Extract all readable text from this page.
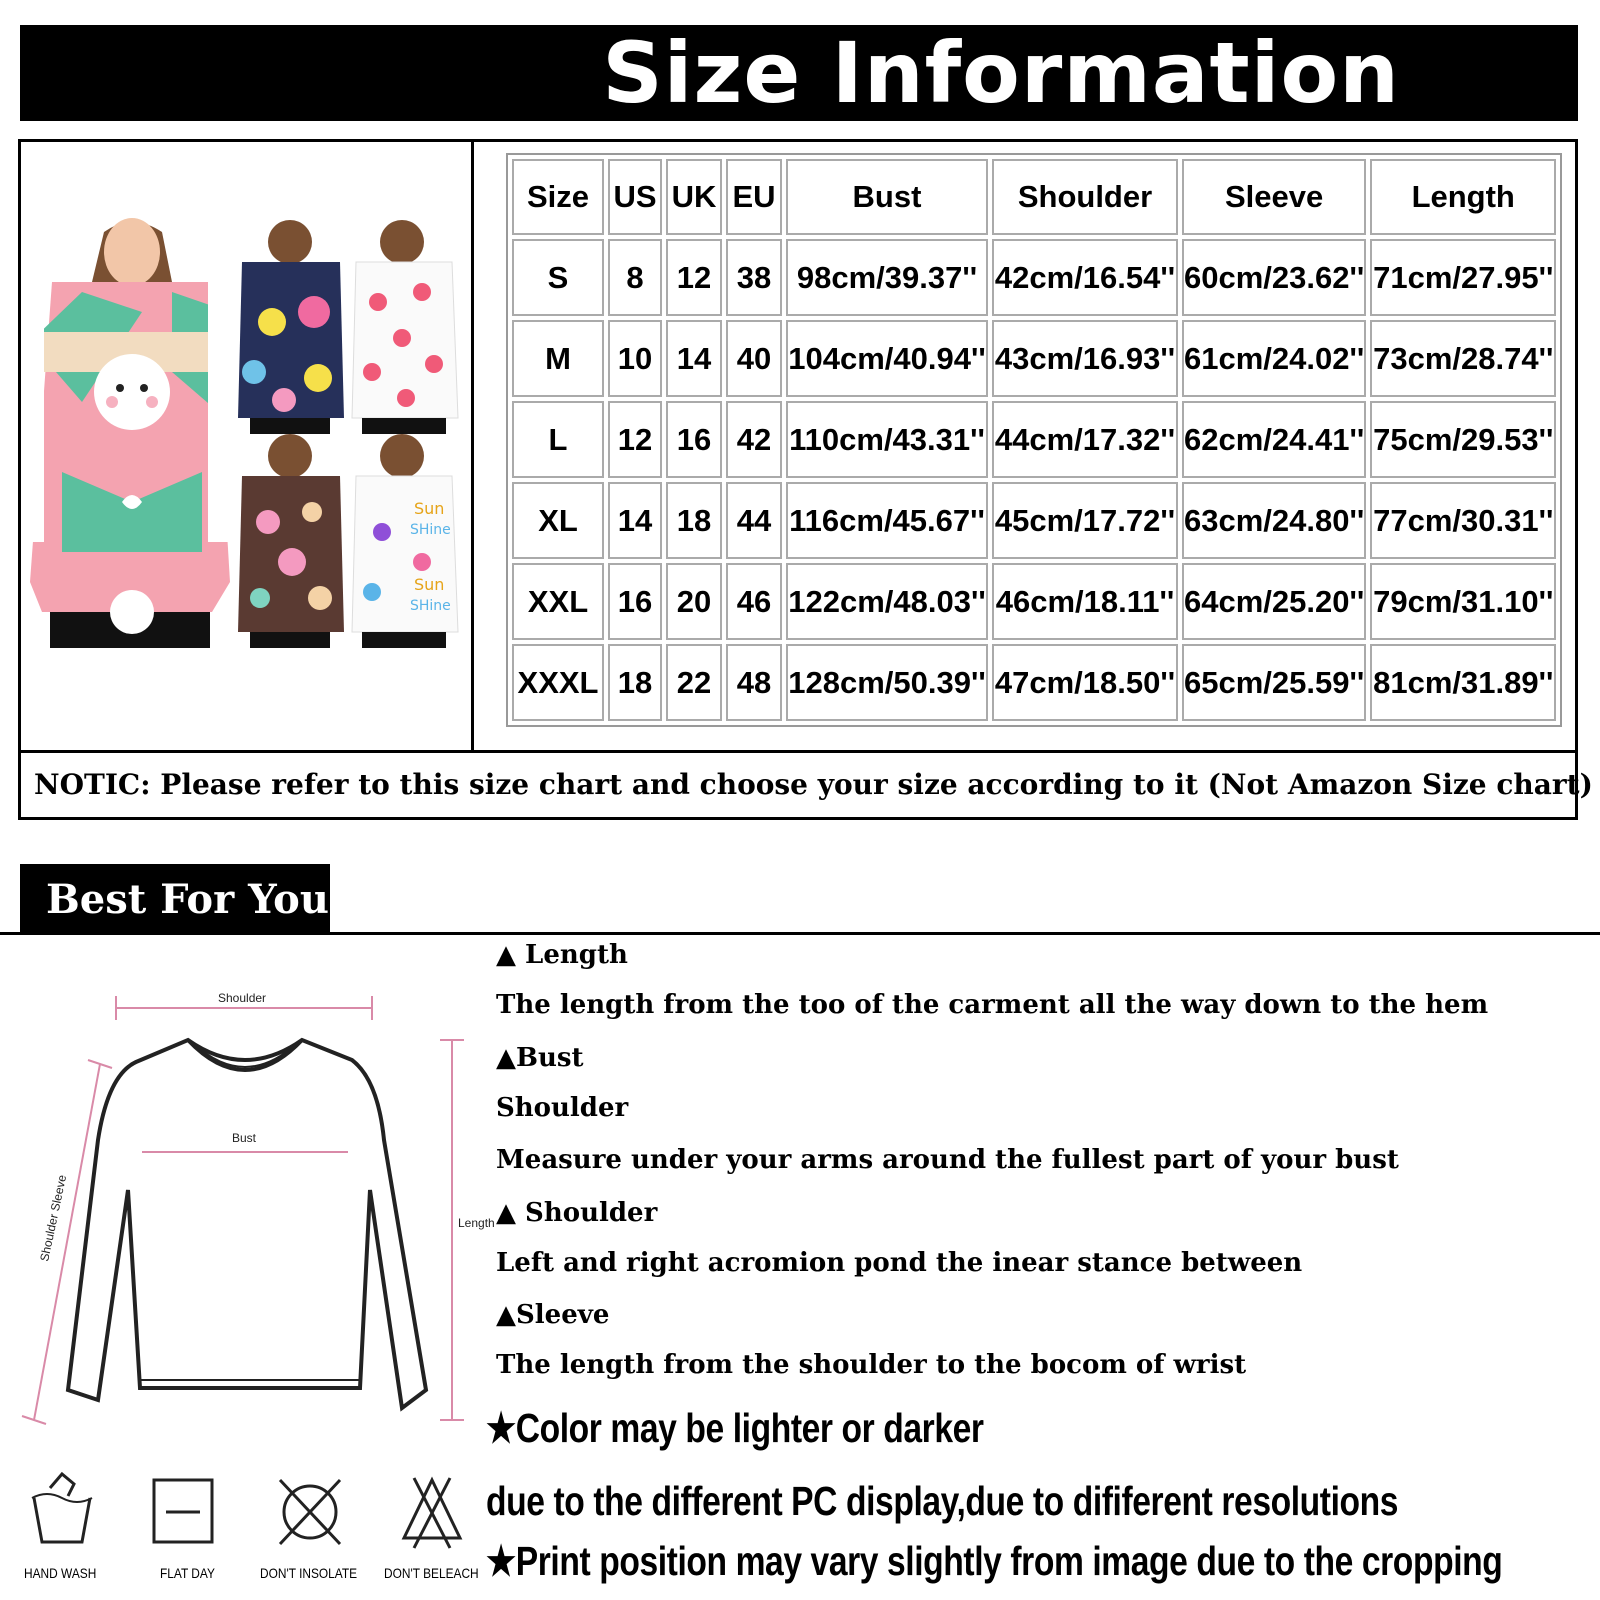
Size Information
NOTIC: Please refer to this size chart and choose your size according to it (Not Amazon Size chart)
Sun
SHine
Sun
SHine
Size	US	UK	EU	Bust	Shoulder	Sleeve	Length
S	8	12	38	98cm/39.37''	42cm/16.54''	60cm/23.62''	71cm/27.95''
M	10	14	40	104cm/40.94''	43cm/16.93''	61cm/24.02''	73cm/28.74''
L	12	16	42	110cm/43.31''	44cm/17.32''	62cm/24.41''	75cm/29.53''
XL	14	18	44	116cm/45.67''	45cm/17.72''	63cm/24.80''	77cm/30.31''
XXL	16	20	46	122cm/48.03''	46cm/18.11''	64cm/25.20''	79cm/31.10''
XXXL	18	22	48	128cm/50.39''	47cm/18.50''	65cm/25.59''	81cm/31.89''
Best For You
Shoulder
Bust
Length
Shoulder Sleeve
▲ Length
The length from the too of the carment all the way down to the hem
▲Bust
Shoulder
Measure under your arms around the fullest part of your bust
▲ Shoulder
Left and right acromion pond the inear stance between
▲Sleeve
The length from the shoulder to the bocom of wrist
★Color may be lighter or darker
due to the different PC display,due to dififerent resolutions
★Print position may vary slightly from image due to the cropping
HAND WASH	FLAT DAY	DON'T INSOLATE DON'T BELEACH
